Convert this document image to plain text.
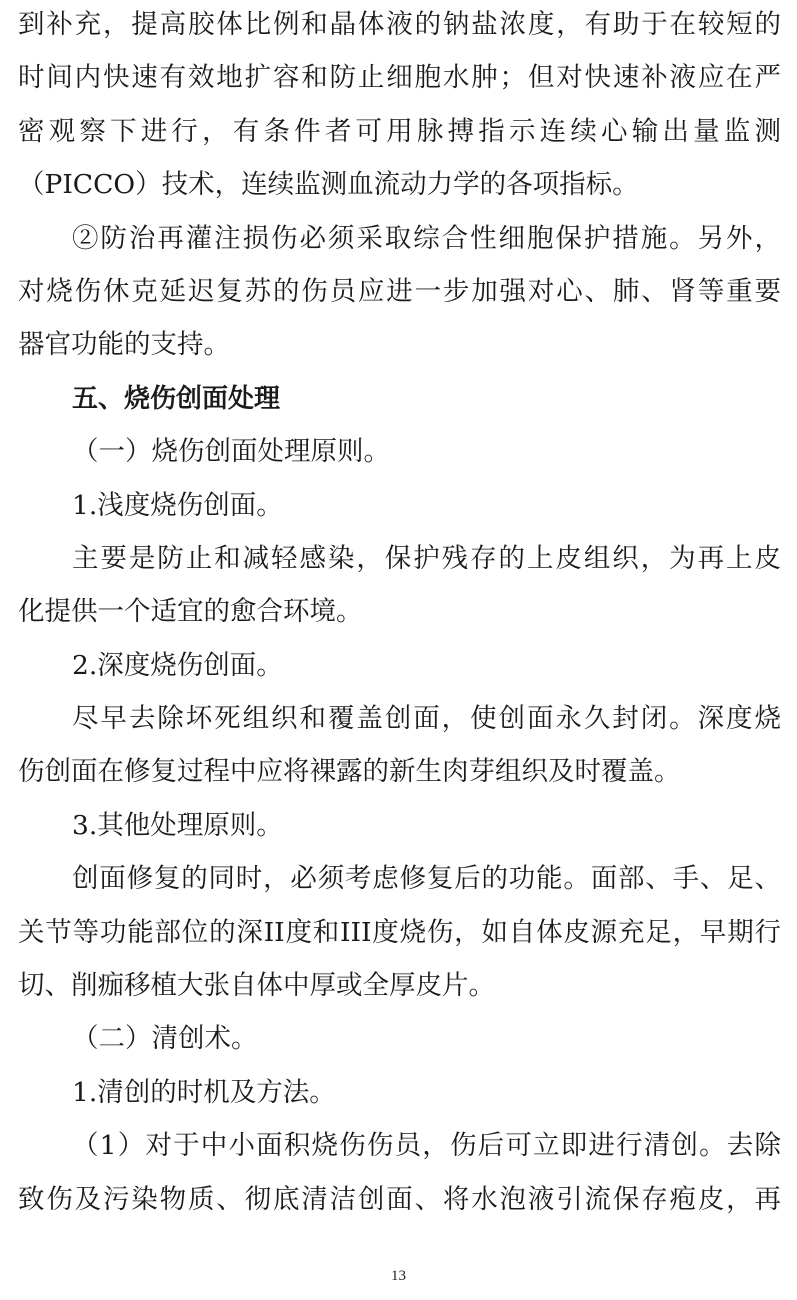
到补充，提高胶体比例和晶体液的钠盐浓度，有助于在较短的
时间内快速有效地扩容和防止细胞水肿；但对快速补液应在严
密观察下进行，有条件者可用脉搏指示连续心输出量监测
（PICCO）技术，连续监测血流动力学的各项指标。
②防治再灌注损伤必须采取综合性细胞保护措施。另外，
对烧伤休克延迟复苏的伤员应进一步加强对心、肺、肾等重要
器官功能的支持。
五、烧伤创面处理
（一）烧伤创面处理原则。
1.浅度烧伤创面。
主要是防止和减轻感染，保护残存的上皮组织，为再上皮
化提供一个适宜的愈合环境。
2.深度烧伤创面。
尽早去除坏死组织和覆盖创面，使创面永久封闭。深度烧
伤创面在修复过程中应将裸露的新生肉芽组织及时覆盖。
3.其他处理原则。
创面修复的同时，必须考虑修复后的功能。面部、手、足、
关节等功能部位的深II度和III度烧伤，如自体皮源充足，早期行
切、削痂移植大张自体中厚或全厚皮片。
（二）清创术。
1.清创的时机及方法。
（1）对于中小面积烧伤伤员，伤后可立即进行清创。去除
致伤及污染物质、彻底清洁创面、将水泡液引流保存疱皮，再
13
